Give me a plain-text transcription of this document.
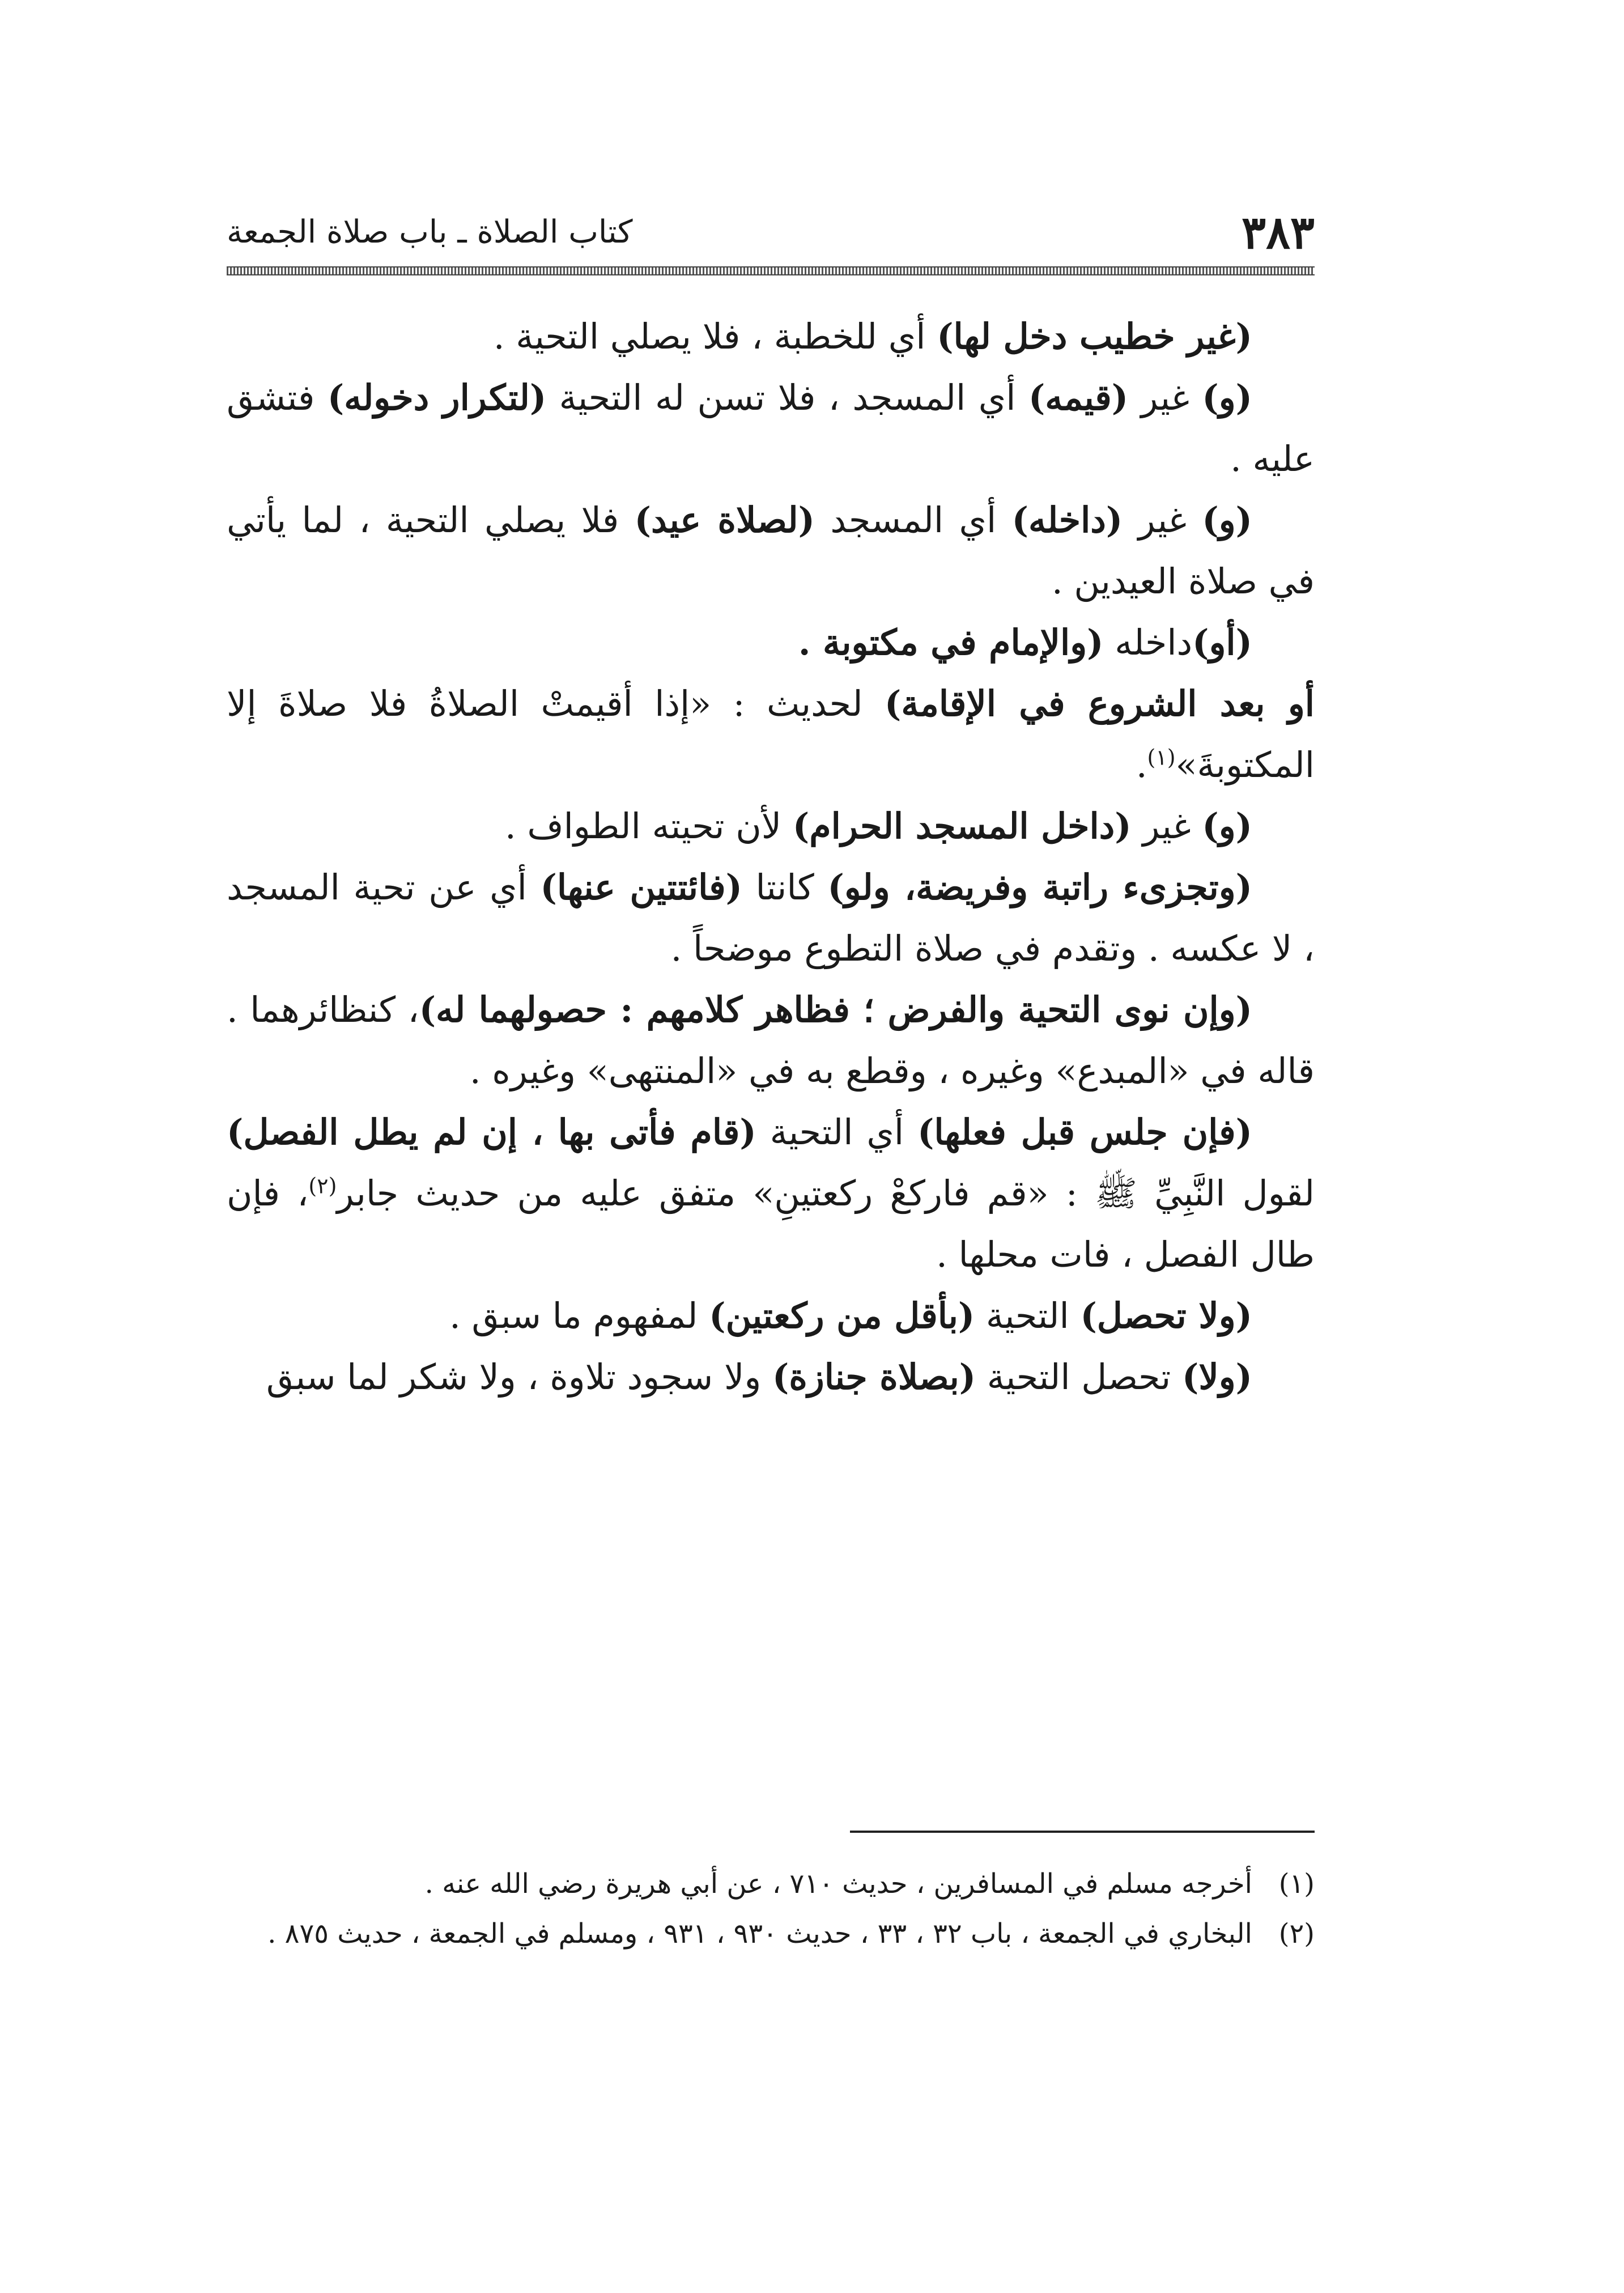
٣٨٣
كتاب الصلاة ـ باب صلاة الجمعة

(غير خطيب دخل لها) أي للخطبة ، فلا يصلي التحية .

(و) غير (قيمه) أي المسجد ، فلا تسن له التحية (لتكرار دخوله) فتشق عليه .

(و) غير (داخله) أي المسجد (لصلاة عيد) فلا يصلي التحية ، لما يأتي في صلاة العيدين .

(أو)داخله (والإمام في مكتوبة .

أو بعد الشروع في الإقامة) لحديث : «إذا أقيمتْ الصلاةُ فلا صلاةَ إلا المكتوبةَ»$^{(١)}$.

(و) غير (داخل المسجد الحرام) لأن تحيته الطواف .

(وتجزىء راتبة وفريضة، ولو) كانتا (فائتتين عنها) أي عن تحية المسجد ، لا عكسه . وتقدم في صلاة التطوع موضحاً .

(وإن نوى التحية والفرض ؛ فظاهر كلامهم : حصولهما له)، كنظائرهما . قاله في «المبدع» وغيره ، وقطع به في «المنتهى» وغيره .

(فإن جلس قبل فعلها) أي التحية (قام فأتى بها ، إن لم يطل الفصل) لقول النَّبِيِّ ﷺ : «قم فاركعْ ركعتينِ» متفق عليه من حديث جابر$^{(٢)}$، فإن طال الفصل ، فات محلها .

(ولا تحصل) التحية (بأقل من ركعتين) لمفهوم ما سبق .

(ولا) تحصل التحية (بصلاة جنازة) ولا سجود تلاوة ، ولا شكر لما سبق

(١)
أخرجه مسلم في المسافرين ، حديث ٧١٠ ، عن أبي هريرة رضي الله عنه .
(٢)
البخاري في الجمعة ، باب ٣٢ ، ٣٣ ، حديث ٩٣٠ ، ٩٣١ ، ومسلم في الجمعة ، حديث ٨٧٥ .
